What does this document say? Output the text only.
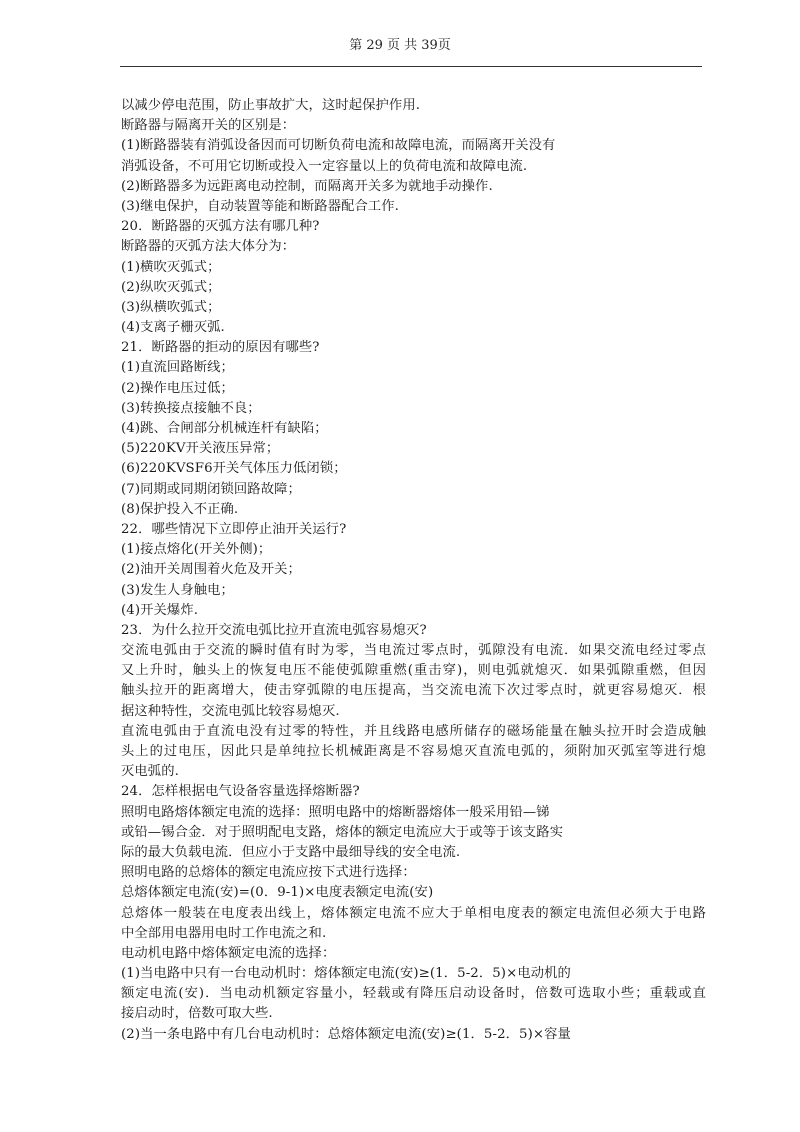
第 29 页 共 39页
以减少停电范围，防止事故扩大，这时起保护作用.
断路器与隔离开关的区别是：
(1)断路器装有消弧设备因而可切断负荷电流和故障电流，而隔离开关没有
消弧设备，不可用它切断或投入一定容量以上的负荷电流和故障电流.
(2)断路器多为远距离电动控制，而隔离开关多为就地手动操作.
(3)继电保护，自动装置等能和断路器配合工作.
20．断路器的灭弧方法有哪几种?
断路器的灭弧方法大体分为：
(1)横吹灭弧式；
(2)纵吹灭弧式；
(3)纵横吹弧式；
(4)支离子栅灭弧.
21．断路器的拒动的原因有哪些?
(1)直流回路断线；
(2)操作电压过低；
(3)转换接点接触不良；
(4)跳、合闸部分机械连杆有缺陷；
(5)220KV开关液压异常；
(6)220KVSF6开关气体压力低闭锁；
(7)同期或同期闭锁回路故障；
(8)保护投入不正确.
22．哪些情况下立即停止油开关运行?
(1)接点熔化(开关外侧)；
(2)油开关周围着火危及开关；
(3)发生人身触电；
(4)开关爆炸.
23．为什么拉开交流电弧比拉开直流电弧容易熄灭?
交流电弧由于交流的瞬时值有时为零，当电流过零点时，弧隙没有电流．如果交流电经过零点
又上升时，触头上的恢复电压不能使弧隙重燃(重击穿)，则电弧就熄灭．如果弧隙重燃，但因
触头拉开的距离增大，使击穿弧隙的电压提高，当交流电流下次过零点时，就更容易熄灭．根
据这种特性，交流电弧比较容易熄灭.
直流电弧由于直流电没有过零的特性，并且线路电感所储存的磁场能量在触头拉开时会造成触
头上的过电压，因此只是单纯拉长机械距离是不容易熄灭直流电弧的，须附加灭弧室等进行熄
灭电弧的.
24．怎样根据电气设备容量选择熔断器?
照明电路熔体额定电流的选择：照明电路中的熔断器熔体一般采用铅—锑
或铅—锡合金．对于照明配电支路，熔体的额定电流应大于或等于该支路实
际的最大负载电流．但应小于支路中最细导线的安全电流.
照明电路的总熔体的额定电流应按下式进行选择：
总熔体额定电流(安)=(0．9-1)×电度表额定电流(安)
总熔体一般装在电度表出线上，熔体额定电流不应大于单相电度表的额定电流但必须大于电路
中全部用电器用电时工作电流之和.
电动机电路中熔体额定电流的选择：
(1)当电路中只有一台电动机时：熔体额定电流(安)≥(1．5-2．5)×电动机的
额定电流(安)．当电动机额定容量小，轻载或有降压启动设备时，倍数可选取小些；重载或直
接启动时，倍数可取大些.
(2)当一条电路中有几台电动机时：总熔体额定电流(安)≥(1．5-2．5)×容量
